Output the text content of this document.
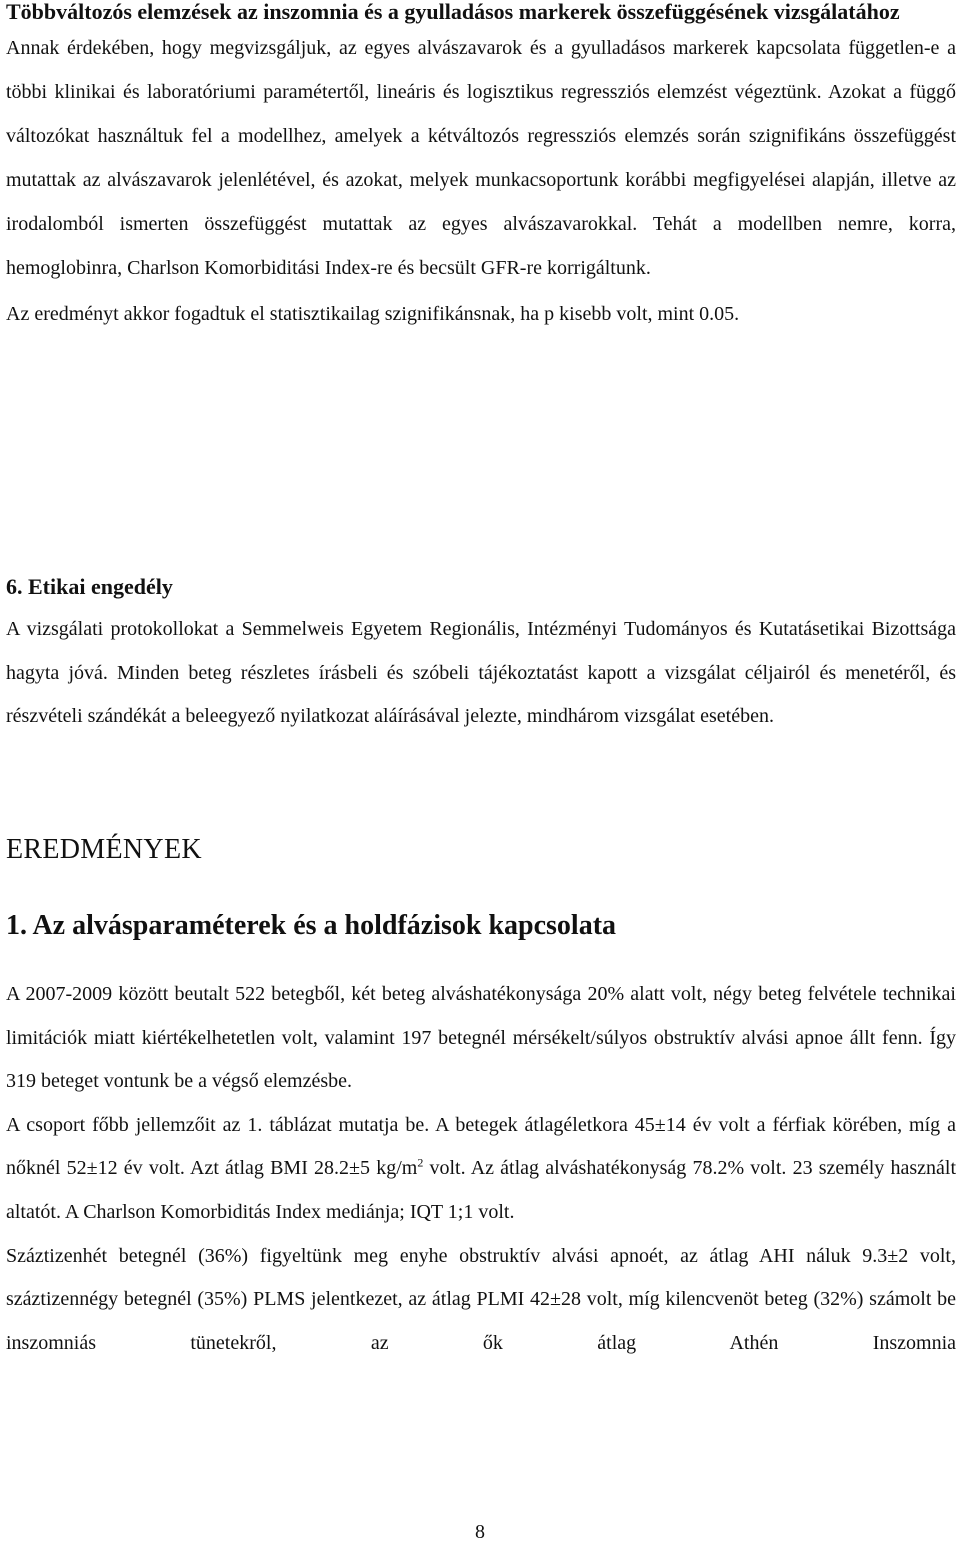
Többváltozós elemzések az inszomnia és a gyulladásos markerek összefüggésének vizsgálatához

Annak érdekében, hogy megvizsgáljuk, az egyes alvászavarok és a gyulladásos markerek kapcsolata független-e a többi klinikai és laboratóriumi paramétertől, lineáris és logisztikus regressziós elemzést végeztünk. Azokat a függő változókat használtuk fel a modellhez, amelyek a kétváltozós regressziós elemzés során szignifikáns összefüggést mutattak az alvászavarok jelenlétével, és azokat, melyek munkacsoportunk korábbi megfigyelései alapján, illetve az irodalomból ismerten összefüggést mutattak az egyes alvászavarokkal. Tehát a modellben nemre, korra, hemoglobinra, Charlson Komorbiditási Index-re és becsült GFR-re korrigáltunk.

Az eredményt akkor fogadtuk el statisztikailag szignifikánsnak, ha p kisebb volt, mint 0.05.

6. Etikai engedély

A vizsgálati protokollokat a Semmelweis Egyetem Regionális, Intézményi Tudományos és Kutatásetikai Bizottsága hagyta jóvá. Minden beteg részletes írásbeli és szóbeli tájékoztatást kapott a vizsgálat céljairól és menetéről, és részvételi szándékát a beleegyező nyilatkozat aláírásával jelezte, mindhárom vizsgálat esetében.

EREDMÉNYEK
1. Az alvásparaméterek és a holdfázisok kapcsolata

A 2007-2009 között beutalt 522 betegből, két beteg alváshatékonysága 20% alatt volt, négy beteg felvétele technikai limitációk miatt kiértékelhetetlen volt, valamint 197 betegnél mérsékelt/súlyos obstruktív alvási apnoe állt fenn. Így 319 beteget vontunk be a végső elemzésbe.

A csoport főbb jellemzőit az 1. táblázat mutatja be. A betegek átlagéletkora 45±14 év volt a férfiak körében, míg a nőknél 52±12 év volt. Azt átlag BMI 28.2±5 $kg/m^2$ volt. Az átlag alváshatékonyság 78.2% volt. 23 személy használt altatót. A Charlson Komorbiditás Index mediánja; IQT 1;1 volt.

Száztizenhét betegnél (36%) figyeltünk meg enyhe obstruktív alvási apnoét, az átlag AHI náluk 9.3±2 volt, száztizennégy betegnél (35%) PLMS jelentkezet, az átlag PLMI 42±28 volt, míg kilencvenöt beteg (32%) számolt be inszomniás tünetekről, az ők átlag Athén Inszomnia

8
